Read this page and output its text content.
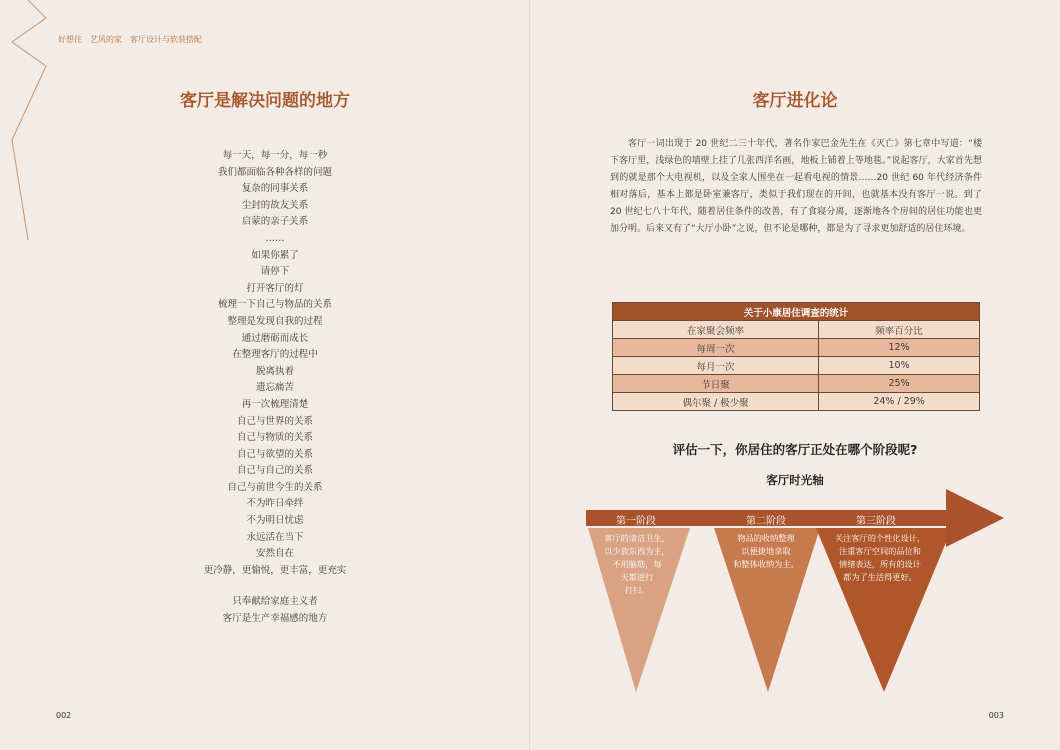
好想住 艺风的家 客厅设计与软装搭配
客厅是解决问题的地方
每一天，每一分，每一秒
我们都面临各种各样的问题
复杂的同事关系
尘封的故友关系
启蒙的亲子关系
……
如果你累了
请停下
打开客厅的灯
梳理一下自己与物品的关系
整理是发现自我的过程
通过磨砺而成长
在整理客厅的过程中
脱离执着
遗忘痛苦
再一次梳理清楚
自己与世界的关系
自己与物质的关系
自己与欲望的关系
自己与自己的关系
自己与前世今生的关系
不为昨日牵绊
不为明日忧虑
永远活在当下
安然自在
更冷静，更愉悦，更丰富，更充实
只奉献给家庭主义者
客厅是生产幸福感的地方
002
客厅进化论

客厅一词出现于 20 世纪二三十年代，著名作家巴金先生在《灭亡》第七章中写道：“楼下客厅里，浅绿色的墙壁上挂了几张西洋名画，地板上铺着上等地毯。”说起客厅，大家首先想到的就是那个大电视机，以及全家人围坐在一起看电视的情景……20 世纪 60 年代经济条件相对落后，基本上都是卧室兼客厅，类似于我们现在的开间，也就基本没有客厅一说。到了 20 世纪七八十年代，随着居住条件的改善，有了食寝分离，逐渐地各个房间的居住功能也更加分明。后来又有了“大厅小卧”之说，但不论是哪种，都是为了寻求更加舒适的居住环境。

关于小康居住调查的统计	
在家聚会频率	频率百分比
每周一次	12%
每月一次	10%
节日聚	25%
偶尔聚 / 极少聚	24% / 29%
评估一下，你居住的客厅正处在哪个阶段呢?
客厅时光轴
第一阶段	第二阶段	第三阶段
客厅的清洁卫生，
以少放东西为主，
不用脑筋，每
天都进行
打扫。
物品的收纳整理
以便捷地拿取
和整体收纳为主。
关注客厅的个性化设计，
注重客厅空间的品位和
情绪表达，所有的设计
都为了生活得更好。
003
